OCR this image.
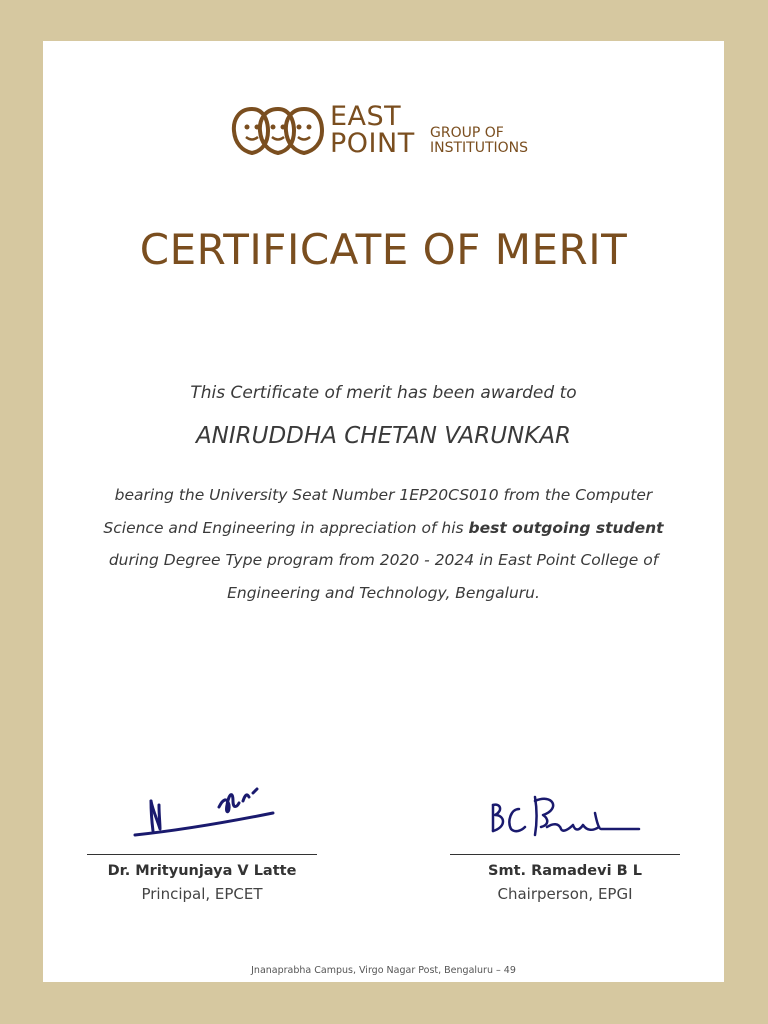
EAST
POINT GROUP OF
INSTITUTIONS
CERTIFICATE OF MERIT
This Certificate of merit has been awarded to
ANIRUDDHA CHETAN VARUNKAR
bearing the University Seat Number 1EP20CS010 from the Computer Science and Engineering in appreciation of his best outgoing student during Degree Type program from 2020 - 2024 in East Point College of Engineering and Technology, Bengaluru.
Dr. Mrityunjaya V Latte
Principal, EPCET
Smt. Ramadevi B L
Chairperson, EPGI
Jnanaprabha Campus, Virgo Nagar Post, Bengaluru – 49
